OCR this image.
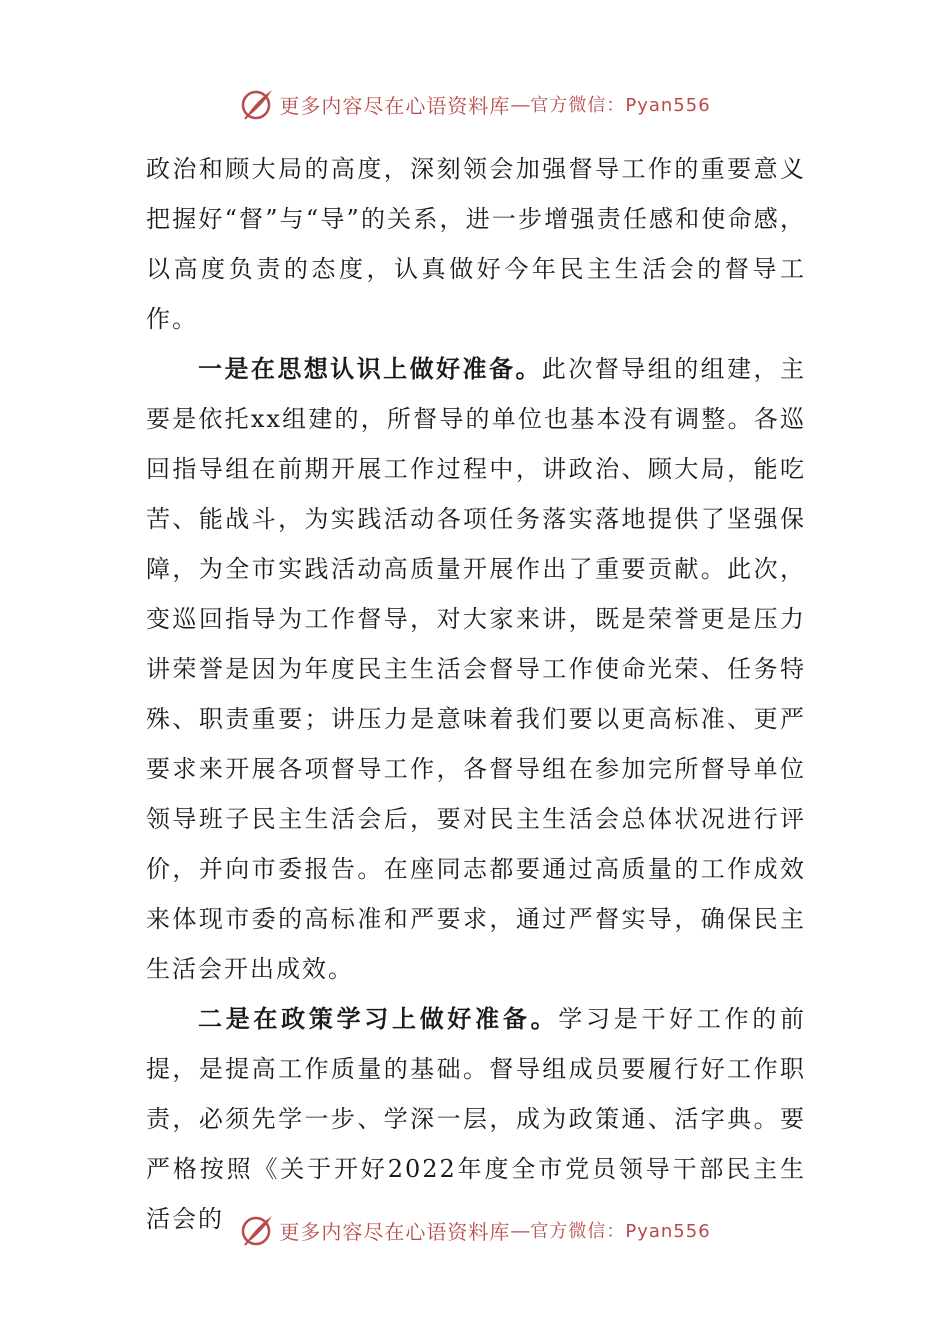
更多内容尽在心语资料库 — 官方微信：Pyan556

政治和顾大局的高度，深刻领会加强督导工作的重要意义把握好“督”与“导”的关系，进一步增强责任感和使命感，以高度负责的态度，认真做好今年民主生活会的督导工作。

一是在思想认识上做好准备。此次督导组的组建，主要是依托xx组建的，所督导的单位也基本没有调整。各巡回指导组在前期开展工作过程中，讲政治、顾大局，能吃苦、能战斗，为实践活动各项任务落实落地提供了坚强保障，为全市实践活动高质量开展作出了重要贡献。此次，变巡回指导为工作督导，对大家来讲，既是荣誉更是压力讲荣誉是因为年度民主生活会督导工作使命光荣、任务特殊、职责重要；讲压力是意味着我们要以更高标准、更严要求来开展各项督导工作，各督导组在参加完所督导单位领导班子民主生活会后，要对民主生活会总体状况进行评价，并向市委报告。在座同志都要通过高质量的工作成效来体现市委的高标准和严要求，通过严督实导，确保民主生活会开出成效。

二是在政策学习上做好准备。学习是干好工作的前提，是提高工作质量的基础。督导组成员要履行好工作职责，必须先学一步、学深一层，成为政策通、活字典。要严格按照《关于开好2022年度全市党员领导干部民主生活会的	更多内容尽在心语资料库 — 官方微信：Pyan556
